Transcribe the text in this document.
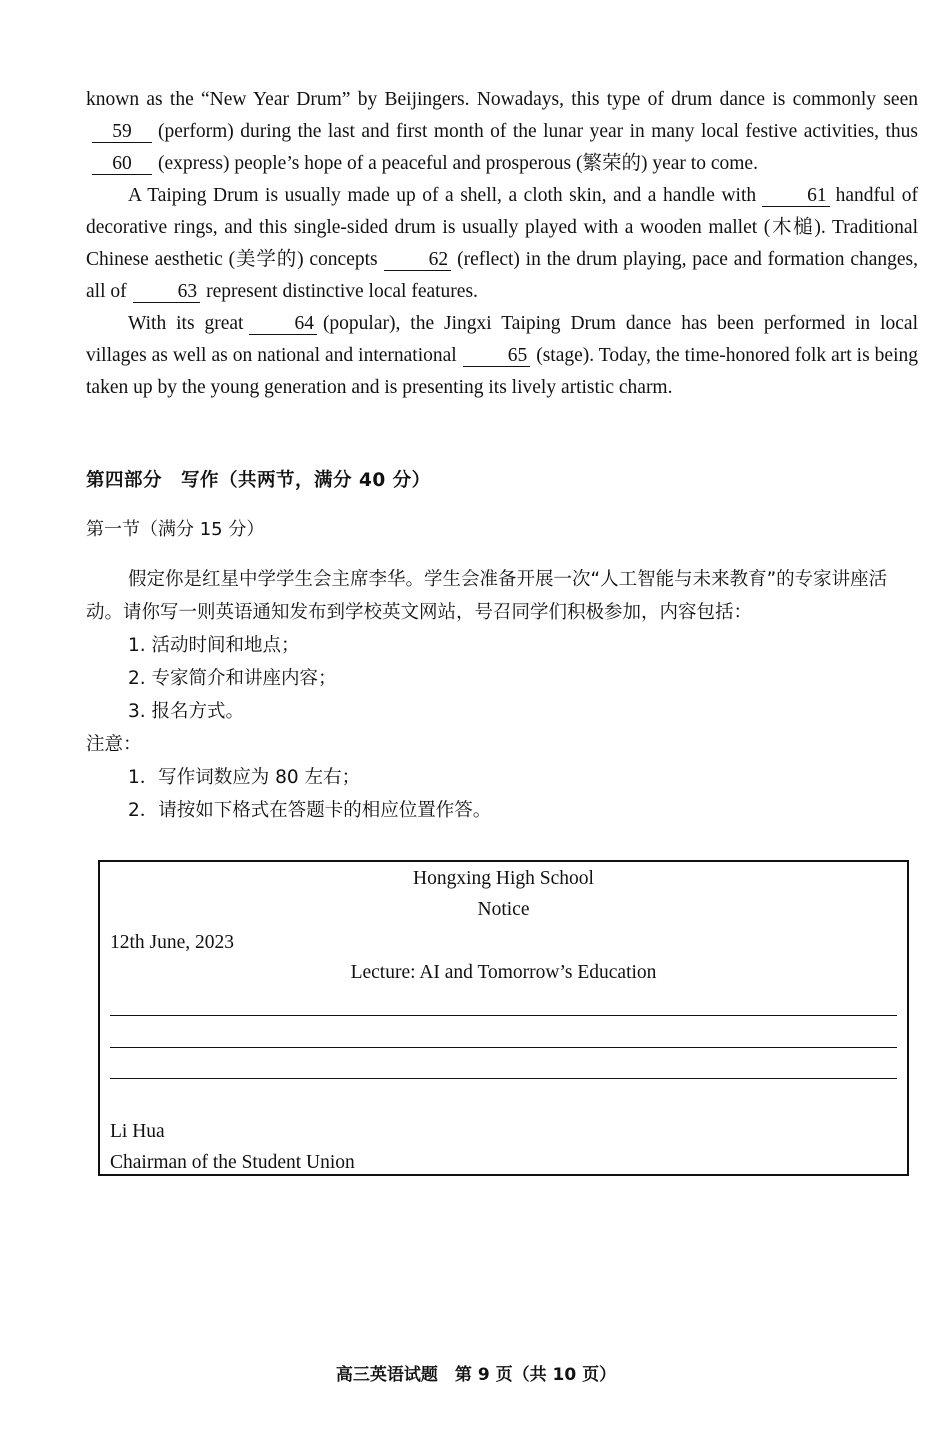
known as the “New Year Drum” by Beijingers. Nowadays, this type of drum dance is commonly seen59 (perform) during the last and first month of the lunar year in many local festive activities, thus60 (express) people’s hope of a peaceful and prosperous (繁荣的) year to come.

A Taiping Drum is usually made up of a shell, a cloth skin, and a handle with	61 handful of decorative rings, and this single-sided drum is usually played with a wooden mallet (木槌). Traditional Chinese aesthetic (美学的) concepts	62 (reflect) in the drum playing, pace and formation changes, all of	63 represent distinctive local features.

With its great	64 (popular), the Jingxi Taiping Drum dance has been performed in local villages as well as on national and international	65 (stage). Today, the time-honored folk art is being taken up by the young generation and is presenting its lively artistic charm.

第四部分　写作（共两节，满分 40 分）
第一节（满分 15 分）

假定你是红星中学学生会主席李华。学生会准备开展一次“人工智能与未来教育”的专家讲座活动。请你写一则英语通知发布到学校英文网站，号召同学们积极参加，内容包括：

1. 活动时间和地点；

2. 专家简介和讲座内容；

3. 报名方式。

注意：

1．写作词数应为 80 左右；

2．请按如下格式在答题卡的相应位置作答。

Hongxing High School
Notice
12th June, 2023
Lecture: AI and Tomorrow’s Education
Li Hua
Chairman of the Student Union
高三英语试题　第 9 页（共 10 页）
